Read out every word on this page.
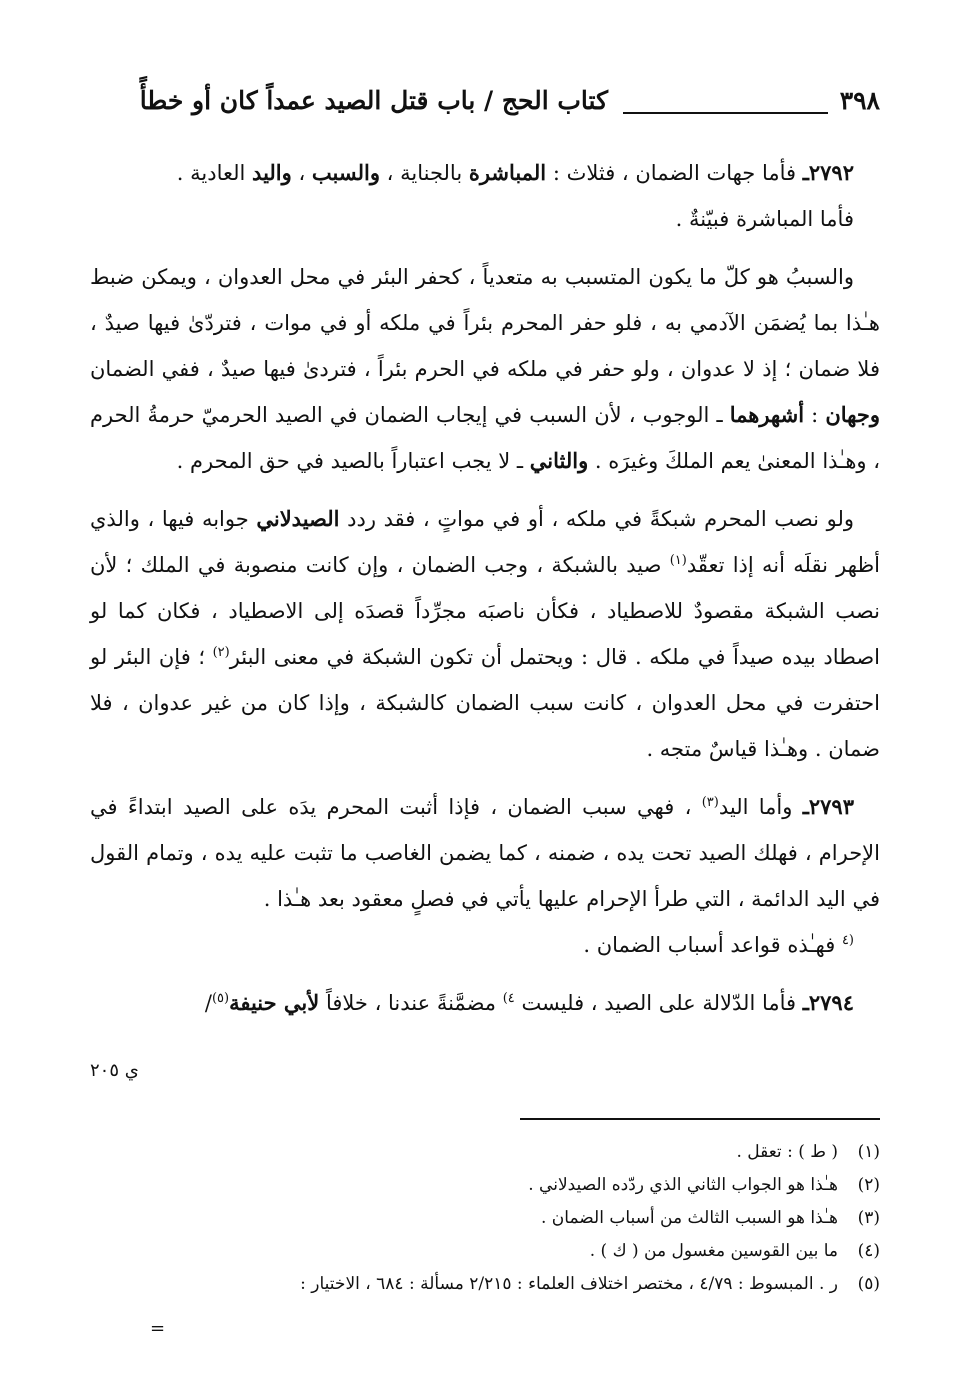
٣٩٨
كتاب الحج / باب قتل الصيد عمداً كان أو خطأً

٢٧٩٢ـ فأما جهات الضمان ، فثلاث : المباشرة بالجناية ، والسبب ، واليد العادية .

فأما المباشرة فبيّنةٌ .

والسببُ هو كلّ ما يكون المتسبب به متعدياً ، كحفر البئر في محل العدوان ، ويمكن ضبط هـٰذا بما يُضمَن الآدمي به ، فلو حفر المحرم بئراً في ملكه أو في موات ، فتردّىٰ فيها صيدٌ ، فلا ضمان ؛ إذ لا عدوان ، ولو حفر في ملكه في الحرم بئراً ، فتردىٰ فيها صيدٌ ، ففي الضمان وجهان : أشهرهما ـ الوجوب ، لأن السبب في إيجاب الضمان في الصيد الحرميّ حرمةُ الحرم ، وهـٰذا المعنىٰ يعم الملكَ وغيرَه . والثاني ـ لا يجب اعتباراً بالصيد في حق المحرم .

ولو نصب المحرم شبكةً في ملكه ، أو في مواتٍ ، فقد ردد الصيدلاني جوابه فيها ، والذي أظهر نقلَه أنه إذا تعقّد$^{(١)}$ صيد بالشبكة ، وجب الضمان ، وإن كانت منصوبة في الملك ؛ لأن نصب الشبكة مقصودٌ للاصطياد ، فكأن ناصبَه مجرِّداً قصدَه إلى الاصطياد ، فكان كما لو اصطاد بيده صيداً في ملكه . قال : ويحتمل أن تكون الشبكة في معنى البئر$^{(٢)}$ ؛ فإن البئر لو احتفرت في محل العدوان ، كانت سبب الضمان كالشبكة ، وإذا كان من غير عدوان ، فلا ضمان . وهـٰذا قياسٌ متجه .

٢٧٩٣ـ وأما اليد$^{(٣)}$ ، فهي سبب الضمان ، فإذا أثبت المحرم يدَه على الصيد ابتداءً في الإحرام ، فهلك الصيد تحت يده ، ضمنه ، كما يضمن الغاصب ما تثبت عليه يده ، وتمام القول في اليد الدائمة ، التي طرأ الإحرام عليها يأتي في فصلٍ معقود بعد هـٰذا .

$^{(٤}$ فهـٰذه قواعد أسباب الضمان .

٢٧٩٤ـ فأما الدّلالة على الصيد ، فليست $^{٤)}$ مضمَّنةً عندنا ، خلافاً لأبي حنيفة$^{(٥)}$/

ي ٢٠٥
(١)( ط ) : تعقل .
(٢)هـٰذا هو الجواب الثاني الذي ردّده الصيدلاني .
(٣)هـٰذا هو السبب الثالث من أسباب الضمان .
(٤)ما بين القوسين مغسول من ( ك ) .
(٥)ر . المبسوط : ٤/٧٩ ، مختصر اختلاف العلماء : ٢/٢١٥ مسألة : ٦٨٤ ، الاختيار :
=
